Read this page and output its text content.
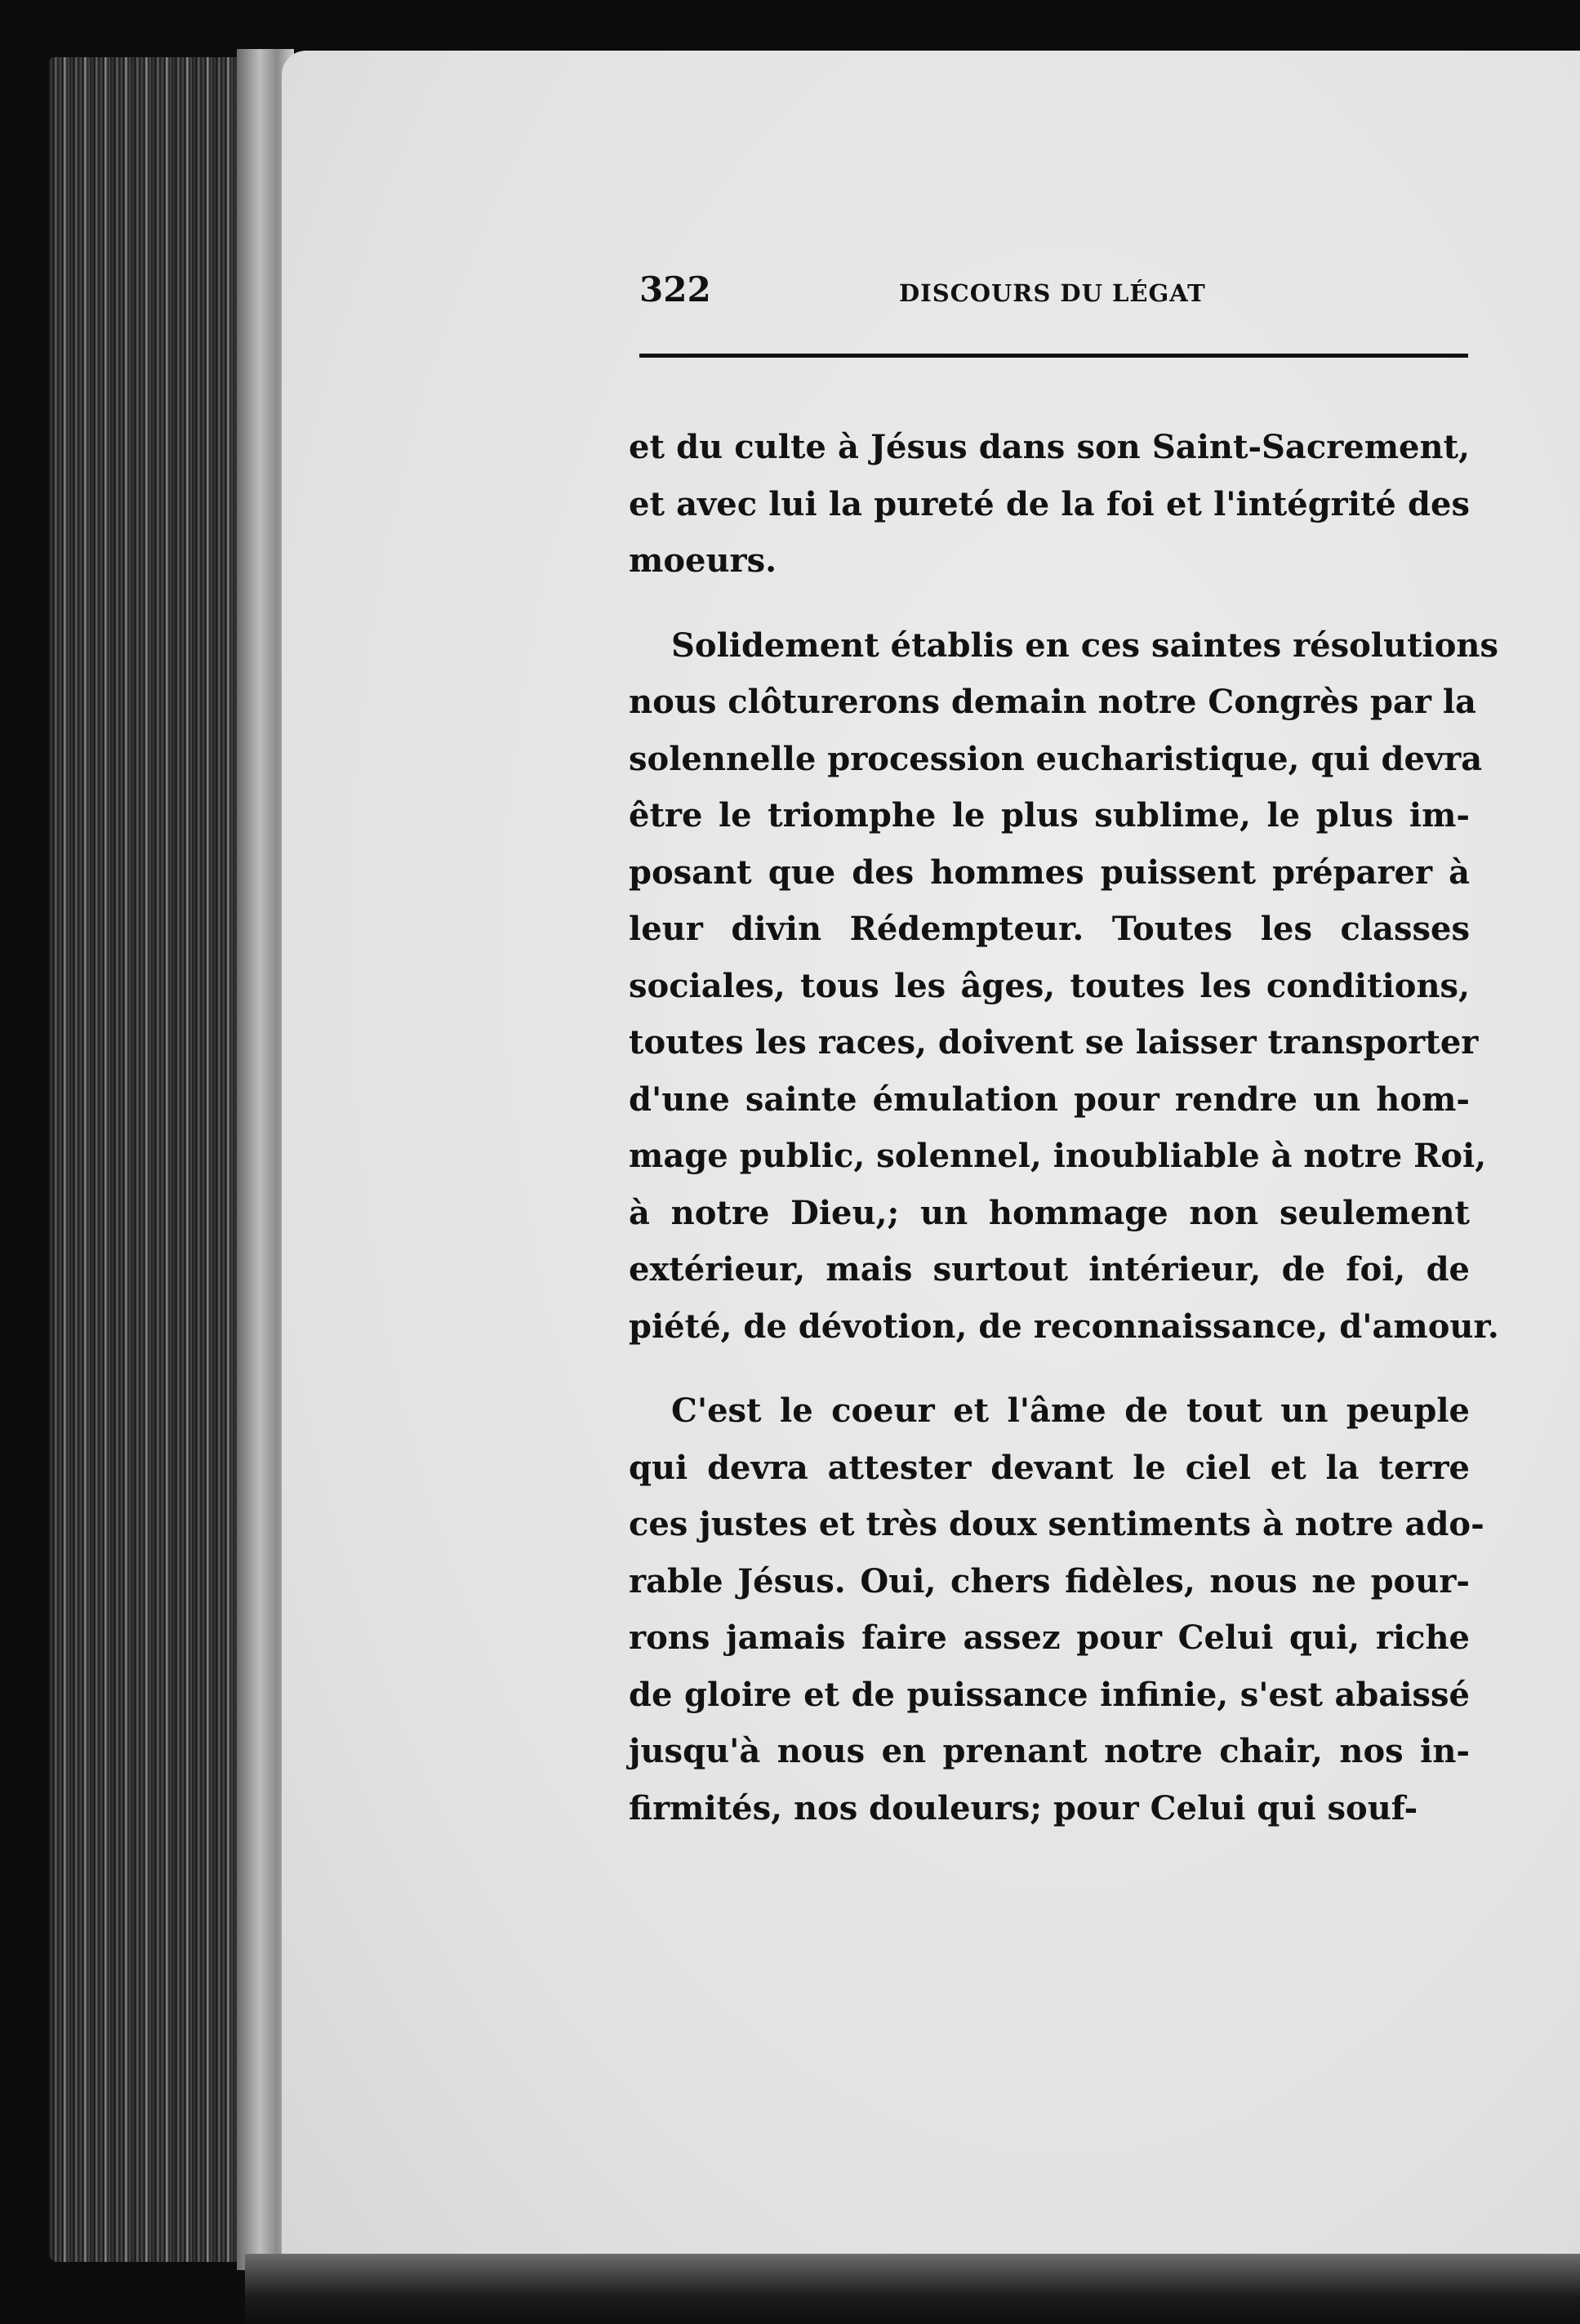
322	DISCOURS DU LÉGAT
et du culte à Jésus dans son Saint-Sacrement,
et avec lui la pureté de la foi et l'intégrité des
moeurs.
Solidement établis en ces saintes résolutions
nous clôturerons demain notre Congrès par la
solennelle procession eucharistique, qui devra
être le triomphe le plus sublime, le plus im-
posant que des hommes puissent préparer à
leur divin Rédempteur. Toutes les classes
sociales, tous les âges, toutes les conditions,
toutes les races, doivent se laisser transporter
d'une sainte émulation pour rendre un hom-
mage public, solennel, inoubliable à notre Roi,
à notre Dieu,; un hommage non seulement
extérieur, mais surtout intérieur, de foi, de
piété, de dévotion, de reconnaissance, d'amour.
C'est le coeur et l'âme de tout un peuple
qui devra attester devant le ciel et la terre
ces justes et très doux sentiments à notre ado-
rable Jésus. Oui, chers fidèles, nous ne pour-
rons jamais faire assez pour Celui qui, riche
de gloire et de puissance infinie, s'est abaissé
jusqu'à nous en prenant notre chair, nos in-
firmités, nos douleurs; pour Celui qui souf-
